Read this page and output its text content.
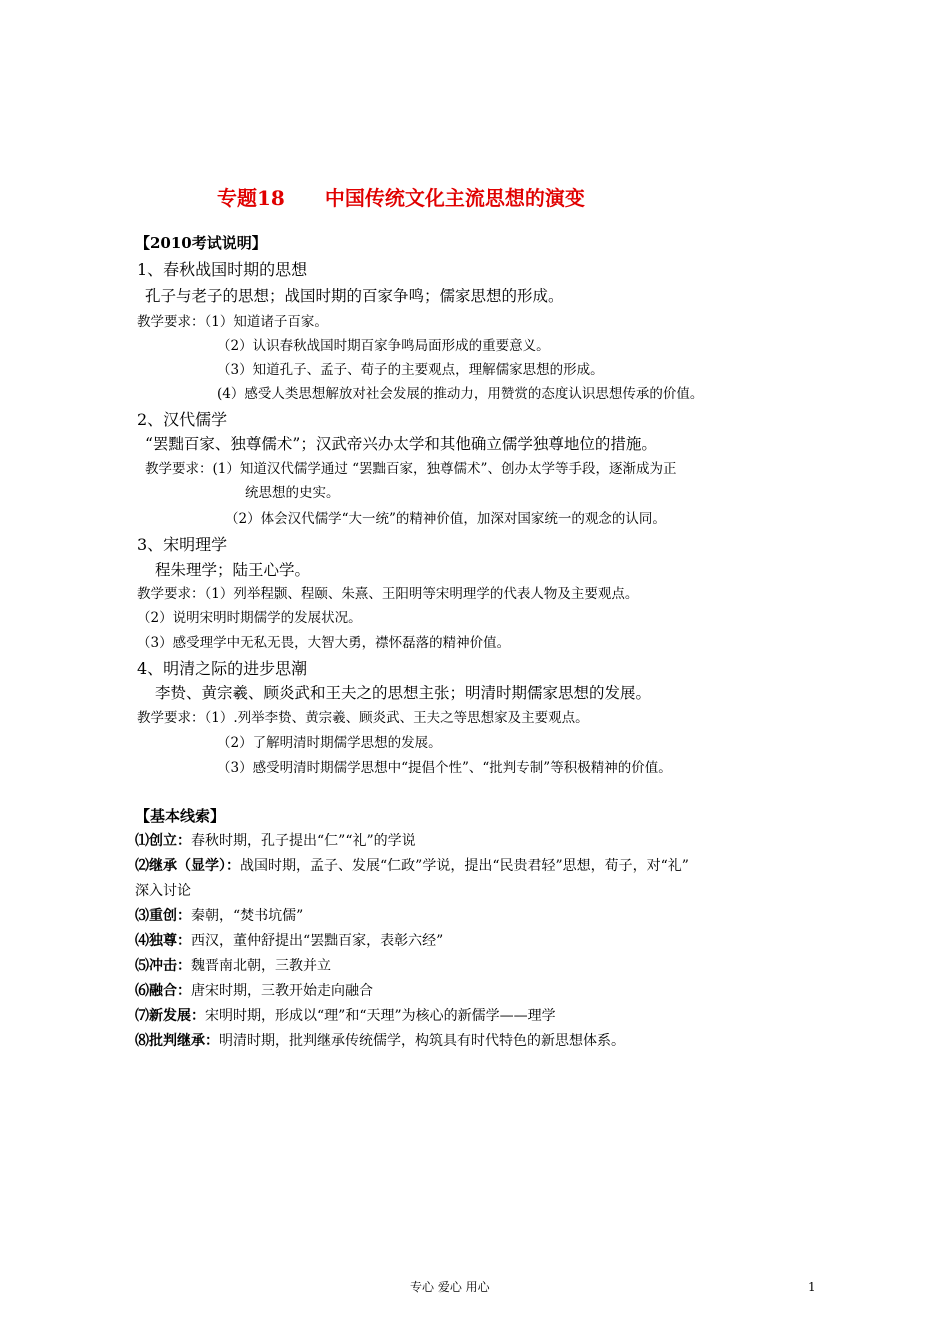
专题18 中国传统文化主流思想的演变
【2010考试说明】
1、春秋战国时期的思想
孔子与老子的思想；战国时期的百家争鸣；儒家思想的形成。
教学要求：（1）知道诸子百家。
（2）认识春秋战国时期百家争鸣局面形成的重要意义。
（3）知道孔子、孟子、荀子的主要观点，理解儒家思想的形成。
(4）感受人类思想解放对社会发展的推动力，用赞赏的态度认识思想传承的价值。
2、汉代儒学
“罢黜百家、独尊儒术”；汉武帝兴办太学和其他确立儒学独尊地位的措施。
教学要求：(1）知道汉代儒学通过 “罢黜百家，独尊儒术”、创办太学等手段，逐渐成为正
统思想的史实。
（2）体会汉代儒学“大一统”的精神价值，加深对国家统一的观念的认同。
3、宋明理学
程朱理学；陆王心学。
教学要求：（1）列举程颢、程颐、朱熹、王阳明等宋明理学的代表人物及主要观点。
（2）说明宋明时期儒学的发展状况。
（3）感受理学中无私无畏，大智大勇，襟怀磊落的精神价值。
4、明清之际的进步思潮
李贽、黄宗羲、顾炎武和王夫之的思想主张；明清时期儒家思想的发展。
教学要求：（1）.列举李贽、黄宗羲、顾炎武、王夫之等思想家及主要观点。
（2）了解明清时期儒学思想的发展。
（3）感受明清时期儒学思想中“提倡个性”、“批判专制”等积极精神的价值。
【基本线索】
⑴创立：春秋时期，孔子提出“仁”“礼”的学说
⑵继承（显学）：战国时期，孟子、发展“仁政”学说，提出“民贵君轻”思想，荀子，对“礼”
深入讨论
⑶重创：秦朝，“焚书坑儒”
⑷独尊：西汉，董仲舒提出“罢黜百家，表彰六经”
⑸冲击：魏晋南北朝，三教并立
⑹融合：唐宋时期，三教开始走向融合
⑺新发展：宋明时期，形成以“理”和“天理”为核心的新儒学——理学
⑻批判继承：明清时期，批判继承传统儒学，构筑具有时代特色的新思想体系。
专心 爱心 用心	1
